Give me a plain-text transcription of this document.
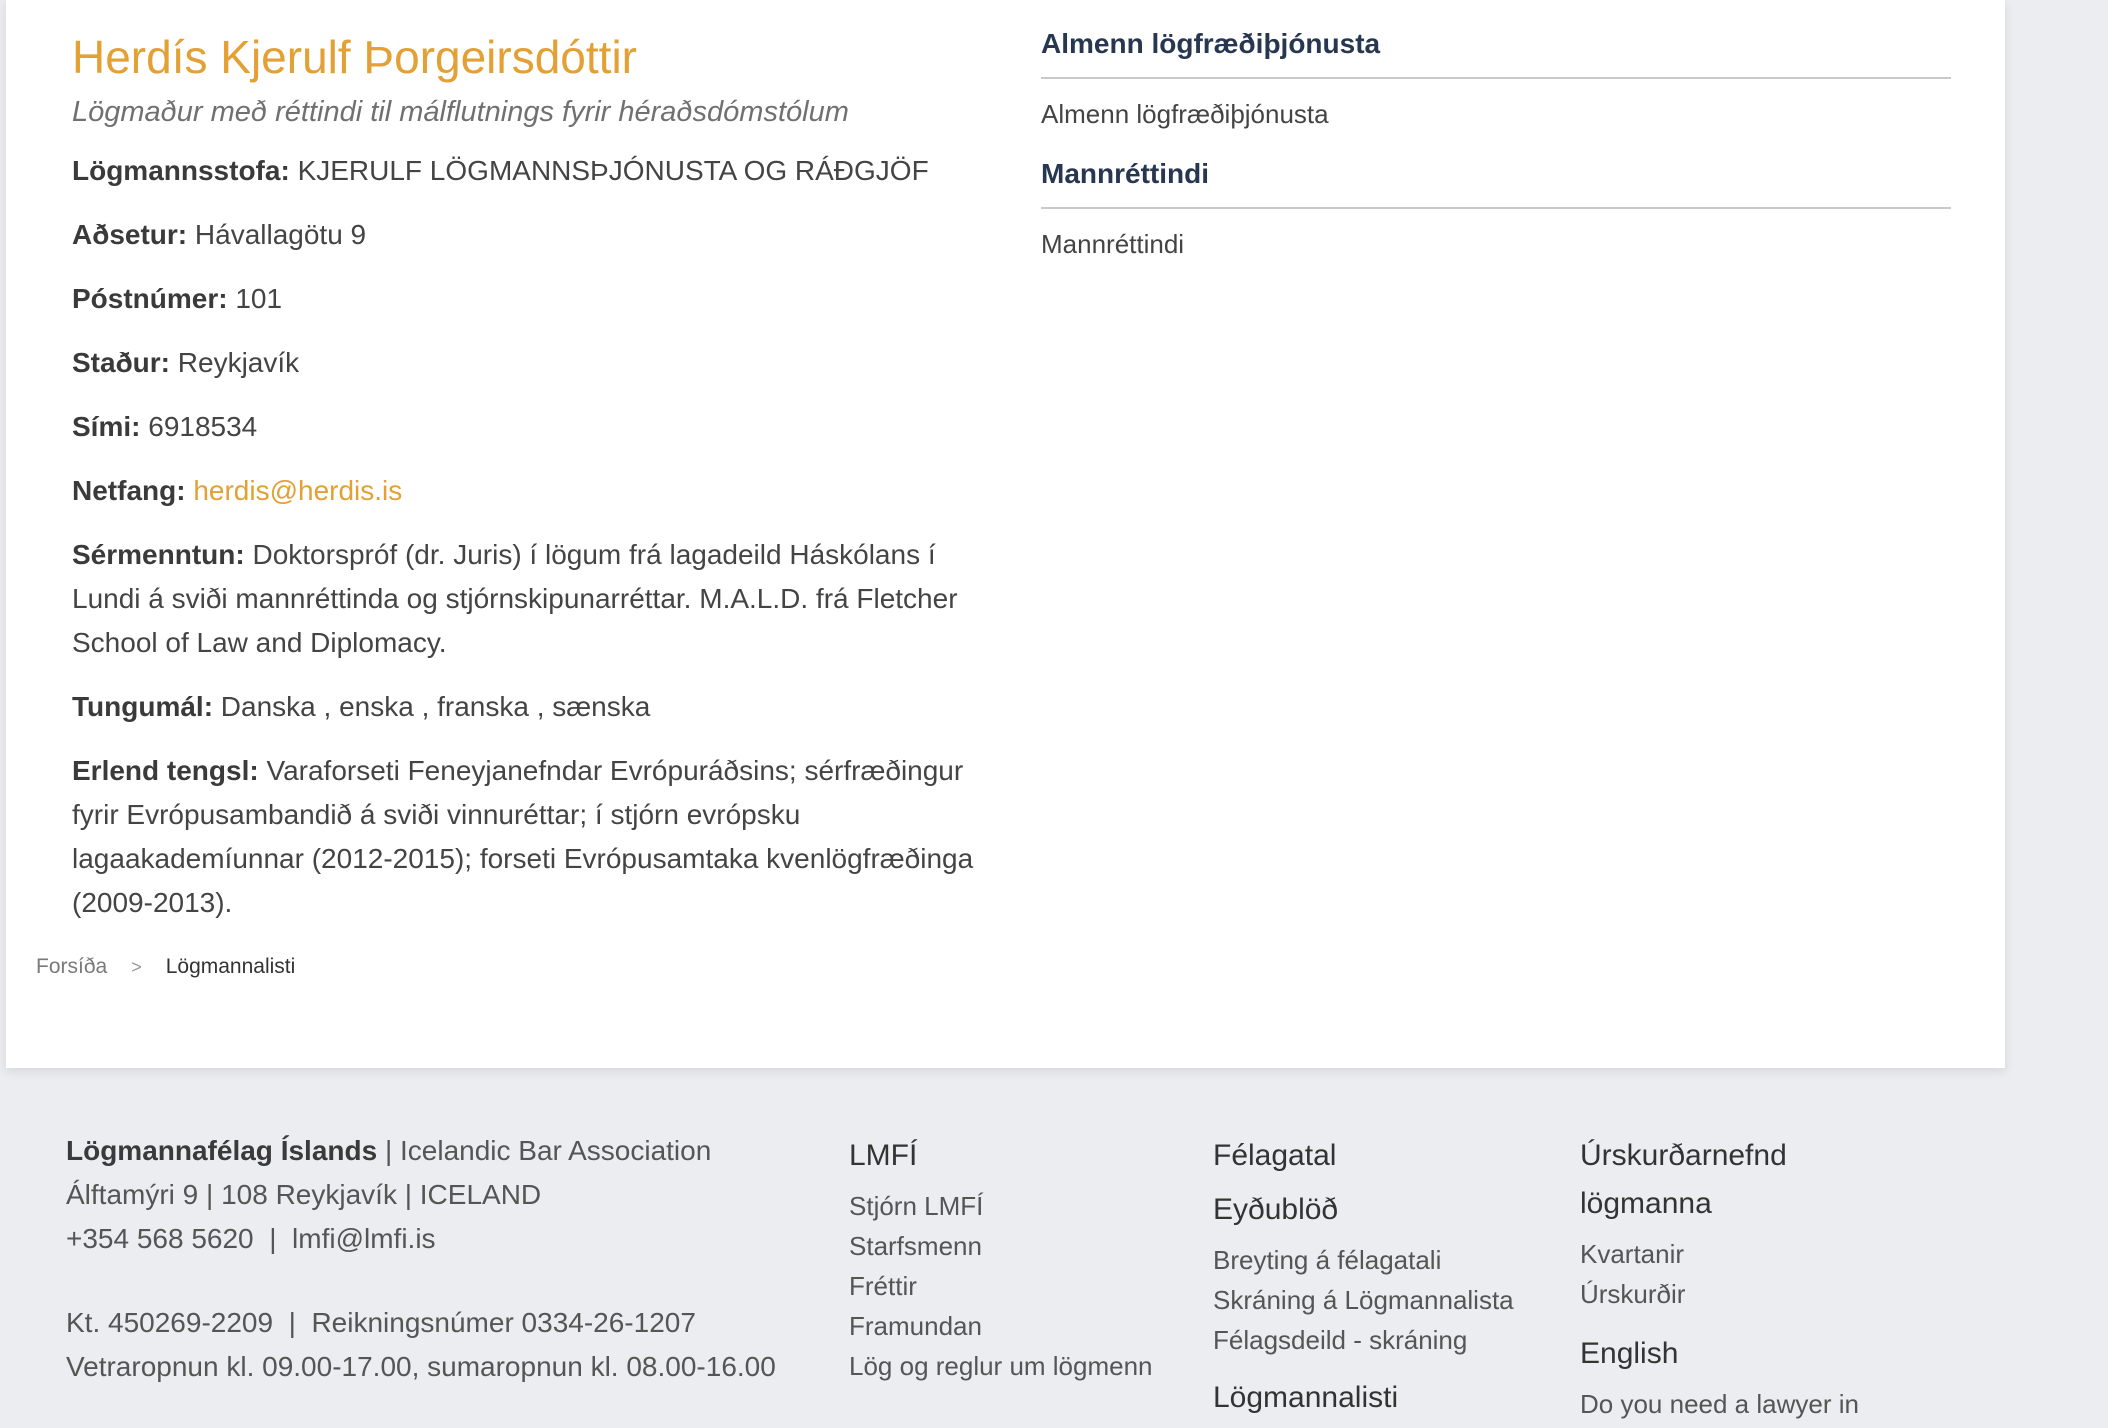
Herdís Kjerulf Þorgeirsdóttir

Lögmaður með réttindi til málflutnings fyrir héraðsdómstólum

Lögmannsstofa: KJERULF LÖGMANNSÞJÓNUSTA OG RÁÐGJÖF

Aðsetur: Hávallagötu 9

Póstnúmer: 101

Staður: Reykjavík

Sími: 6918534

Netfang: herdis@herdis.is

Sérmenntun: Doktorspróf (dr. Juris) í lögum frá lagadeild Háskólans í Lundi á sviði mannréttinda og stjórnskipunarréttar. M.A.L.D. frá Fletcher School of Law and Diplomacy.

Tungumál: Danska , enska , franska , sænska

Erlend tengsl: Varaforseti Feneyjanefndar Evrópuráðsins; sérfræðingur fyrir Evrópusambandið á sviði vinnuréttar; í stjórn evrópsku lagaakademíunnar (2012-2015); forseti Evrópusamtaka kvenlögfræðinga (2009-2013).

Forsíða > Lögmannalisti
Almenn lögfræðiþjónusta
Almenn lögfræðiþjónusta
Mannréttindi
Mannréttindi
Lögmannafélag Íslands | Icelandic Bar Association
Álftamýri 9 | 108 Reykjavík | ICELAND
+354 568 5620  |  lmfi@lmfi.is
Kt. 450269-2209  |  Reikningsnúmer 0334-26-1207
Vetraropnun kl. 09.00-17.00, sumaropnun kl. 08.00-16.00
LMFÍ
Stjórn LMFÍ
Starfsmenn
Fréttir
Framundan
Lög og reglur um lögmenn
Félagatal
Eyðublöð
Breyting á félagatali
Skráning á Lögmannalista
Félagsdeild - skráning
Lögmannalisti
Úrskurðarnefnd lögmanna
Kvartanir
Úrskurðir
English
Do you need a lawyer in
